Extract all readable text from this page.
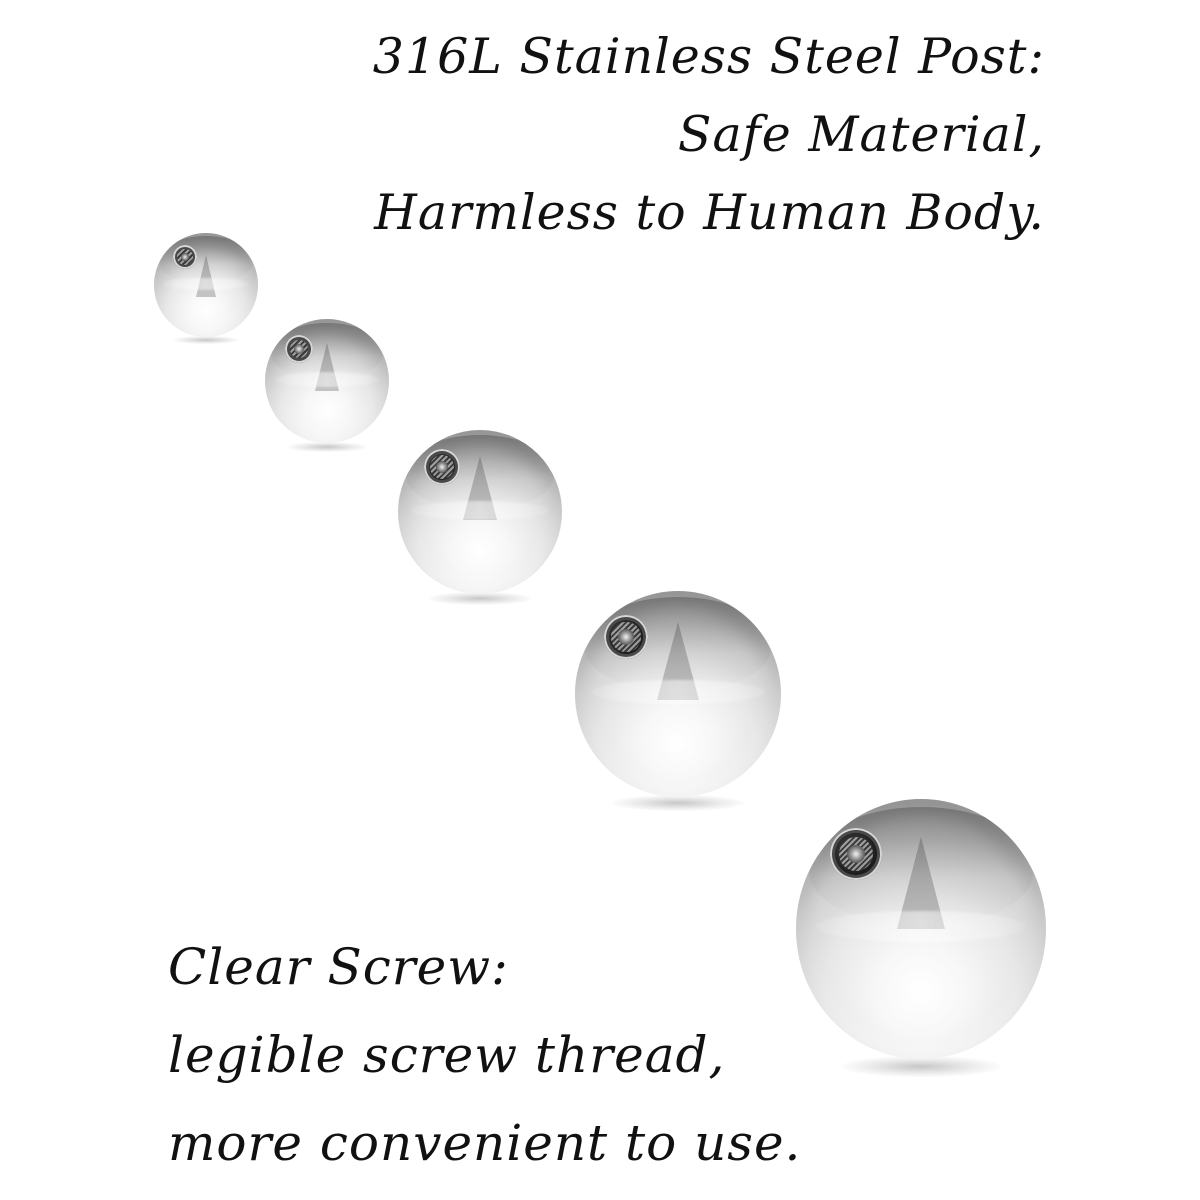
316L Stainless Steel Post:
Safe Material,
Harmless to Human Body.
Clear Screw:
legible screw thread,
more convenient to use.
